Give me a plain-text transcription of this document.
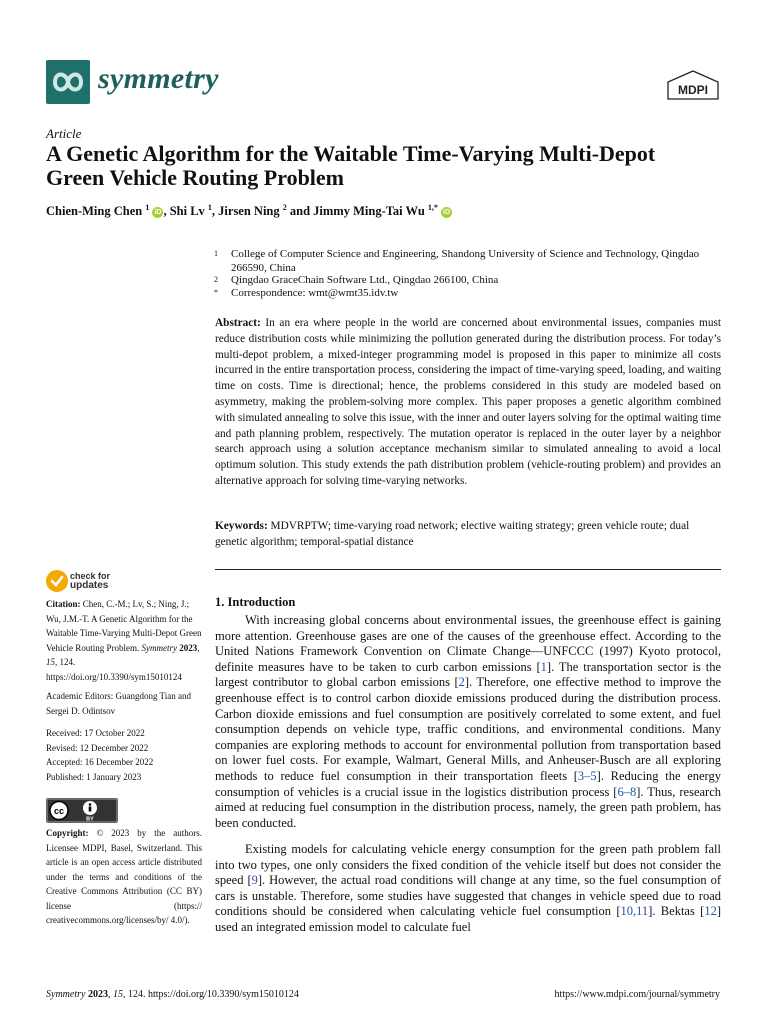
symmetry	MDPI
Article
A Genetic Algorithm for the Waitable Time-Varying Multi-Depot Green Vehicle Routing Problem
Chien-Ming Chen $^1$ iD , Shi Lv $^1$, Jirsen Ning $^2$ and Jimmy Ming-Tai Wu $^{1,*}$ iD
1 College of Computer Science and Engineering, Shandong University of Science and Technology, Qingdao 266590, China
2 Qingdao GraceChain Software Ltd., Qingdao 266100, China
* Correspondence: wmt@wmt35.idv.tw
Abstract: In an era where people in the world are concerned about environmental issues, companies must reduce distribution costs while minimizing the pollution generated during the distribution process. For today’s multi-depot problem, a mixed-integer programming model is proposed in this paper to minimize all costs incurred in the entire transportation process, considering the impact of time-varying speed, loading, and waiting time on costs. Time is directional; hence, the problems considered in this study are modeled based on asymmetry, making the problem-solving more complex. This paper proposes a genetic algorithm combined with simulated annealing to solve this issue, with the inner and outer layers solving for the optimal waiting time and path planning problem, respectively. The mutation operator is replaced in the outer layer by a neighbor search approach using a solution acceptance mechanism similar to simulated annealing to avoid a local optimum solution. This study extends the path distribution problem (vehicle-routing problem) and provides an alternative approach for solving time-varying networks.
Keywords: MDVRPTW; time-varying road network; elective waiting strategy; green vehicle route; dual genetic algorithm; temporal-spatial distance
check for
updates
Citation: Chen, C.-M.; Lv, S.; Ning, J.; Wu, J.M.-T. A Genetic Algorithm for the Waitable Time-Varying Multi-Depot Green Vehicle Routing Problem. Symmetry 2023, 15, 124. https://doi.org/10.3390/sym15010124
Academic Editors: Guangdong Tian and Sergei D. Odintsov
Received: 17 October 2022
Revised: 12 December 2022
Accepted: 16 December 2022
Published: 1 January 2023
cc
BY
Copyright: © 2023 by the authors. Licensee MDPI, Basel, Switzerland. This article is an open access article distributed under the terms and conditions of the Creative Commons Attribution (CC BY) license (https:// creativecommons.org/licenses/by/ 4.0/).
1. Introduction
With increasing global concerns about environmental issues, the greenhouse effect is gaining more attention. Greenhouse gases are one of the causes of the greenhouse effect. According to the United Nations Framework Convention on Climate Change—UNFCCC (1997) Kyoto protocol, definite measures have to be taken to curb carbon emissions [1]. The transportation sector is the largest contributor to global carbon emissions [2]. Therefore, one effective method to improve the greenhouse effect is to control carbon dioxide emissions produced during the distribution process. Carbon dioxide emissions and fuel consumption are positively correlated to some extent, and fuel consumption depends on vehicle type, traffic conditions, and environmental conditions. Many companies are exploring methods to account for environmental pollution from transportation based on lower fuel costs. For example, Walmart, General Mills, and Anheuser-Busch are all exploring methods to reduce fuel consumption in their transportation fleets [3–5]. Reducing the energy consumption of vehicles is a crucial issue in the logistics distribution process [6–8]. Thus, research aimed at reducing fuel consumption in the distribution process, namely, the green path problem, has been conducted.
Existing models for calculating vehicle energy consumption for the green path problem fall into two types, one only considers the fixed condition of the vehicle itself but does not consider the speed [9]. However, the actual road conditions will change at any time, so the fuel consumption of cars is unstable. Therefore, some studies have suggested that changes in vehicle speed due to road conditions should be considered when calculating vehicle fuel consumption [10,11]. Bektas [12] used an integrated emission model to calculate fuel
Symmetry 2023, 15, 124. https://doi.org/10.3390/sym15010124	https://www.mdpi.com/journal/symmetry
